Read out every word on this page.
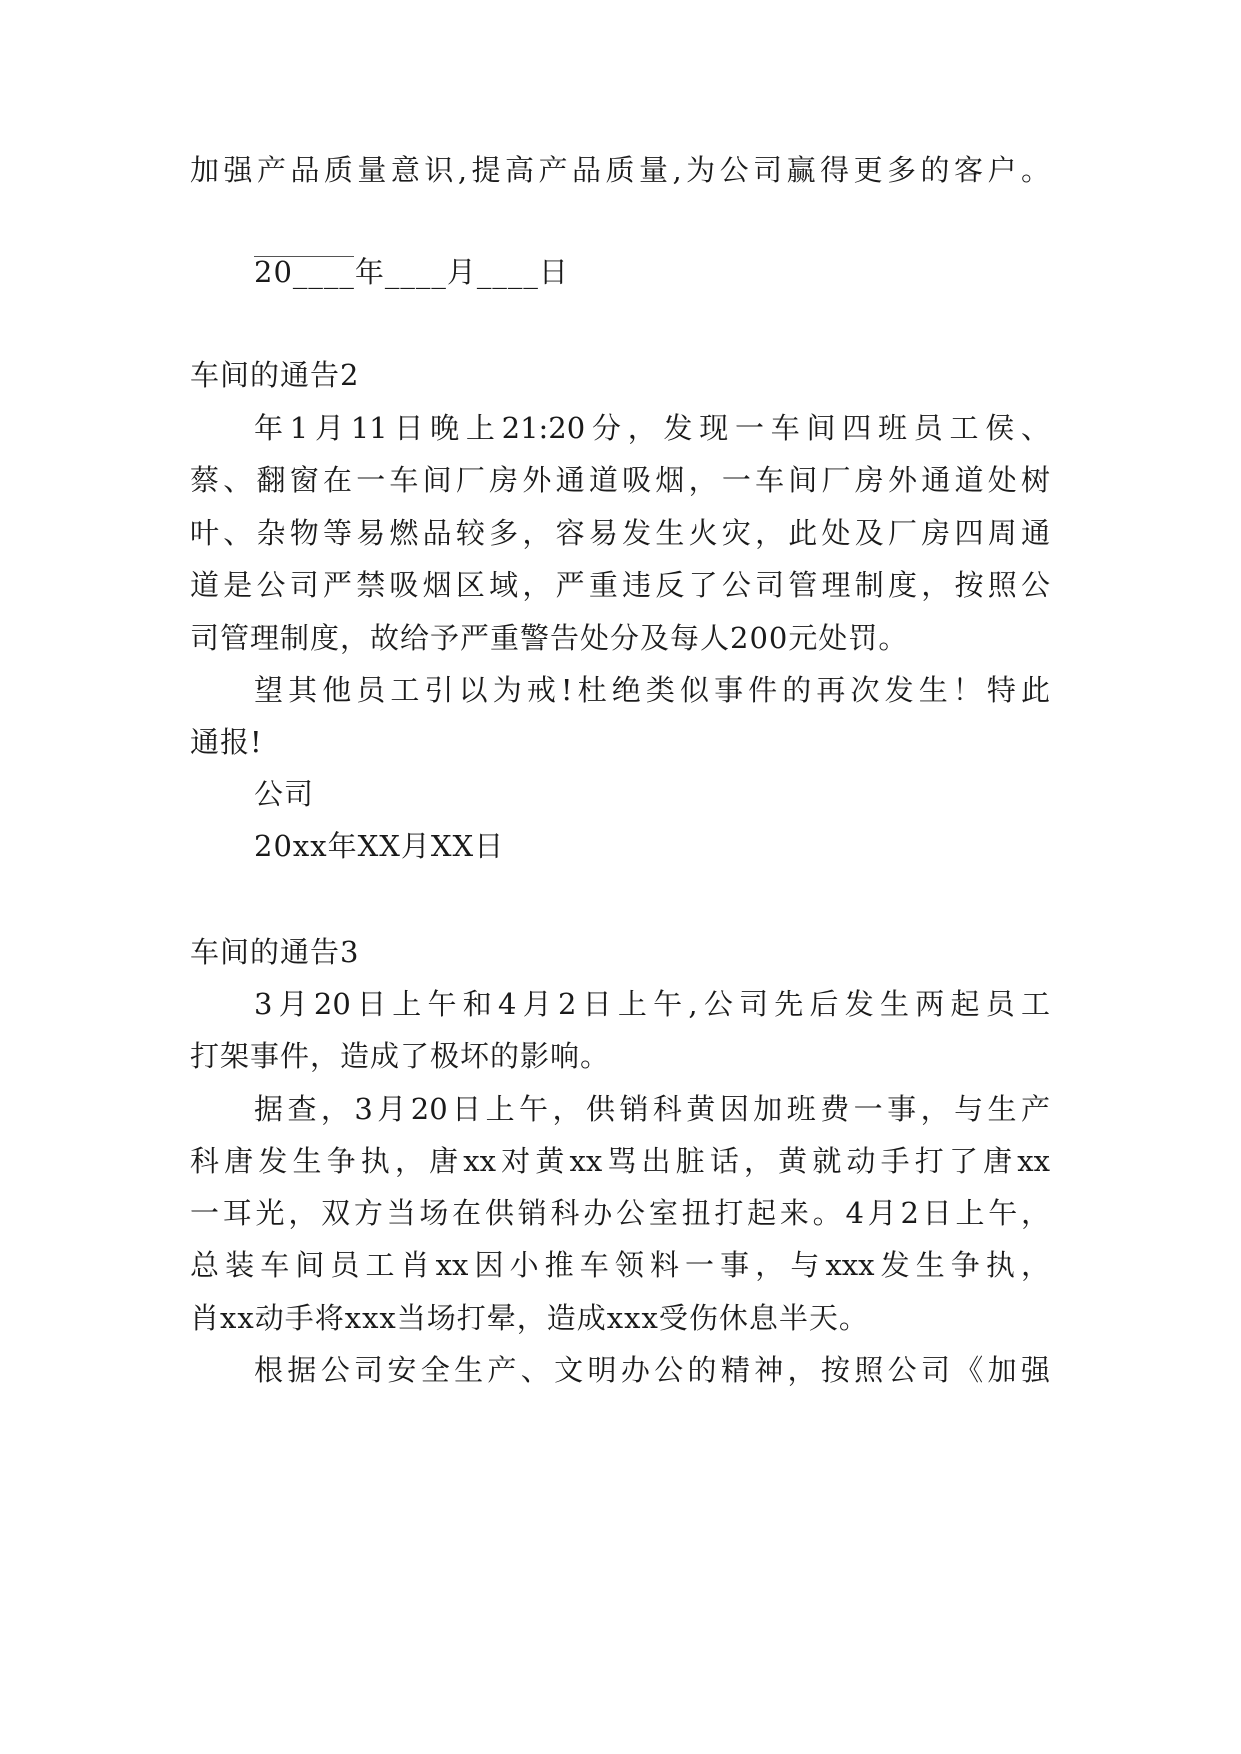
加强产品质量意识,提高产品质量,为公司赢得更多的客户。
20____年____月____日
车间的通告2
年1月11日晚上21:20分，发现一车间四班员工侯、
蔡、翻窗在一车间厂房外通道吸烟，一车间厂房外通道处树
叶、杂物等易燃品较多，容易发生火灾，此处及厂房四周通
道是公司严禁吸烟区域，严重违反了公司管理制度，按照公
司管理制度，故给予严重警告处分及每人200元处罚。
望其他员工引以为戒!杜绝类似事件的再次发生！特此
通报!
公司
20xx年XX月XX日
车间的通告3
3月20日上午和4月2日上午,公司先后发生两起员工
打架事件，造成了极坏的影响。
据查，3月20日上午，供销科黄因加班费一事，与生产
科唐发生争执，唐xx对黄xx骂出脏话，黄就动手打了唐xx
一耳光，双方当场在供销科办公室扭打起来。4月2日上午，
总装车间员工肖xx因小推车领料一事，与xxx发生争执，
肖xx动手将xxx当场打晕，造成xxx受伤休息半天。
根据公司安全生产、文明办公的精神，按照公司《加强
